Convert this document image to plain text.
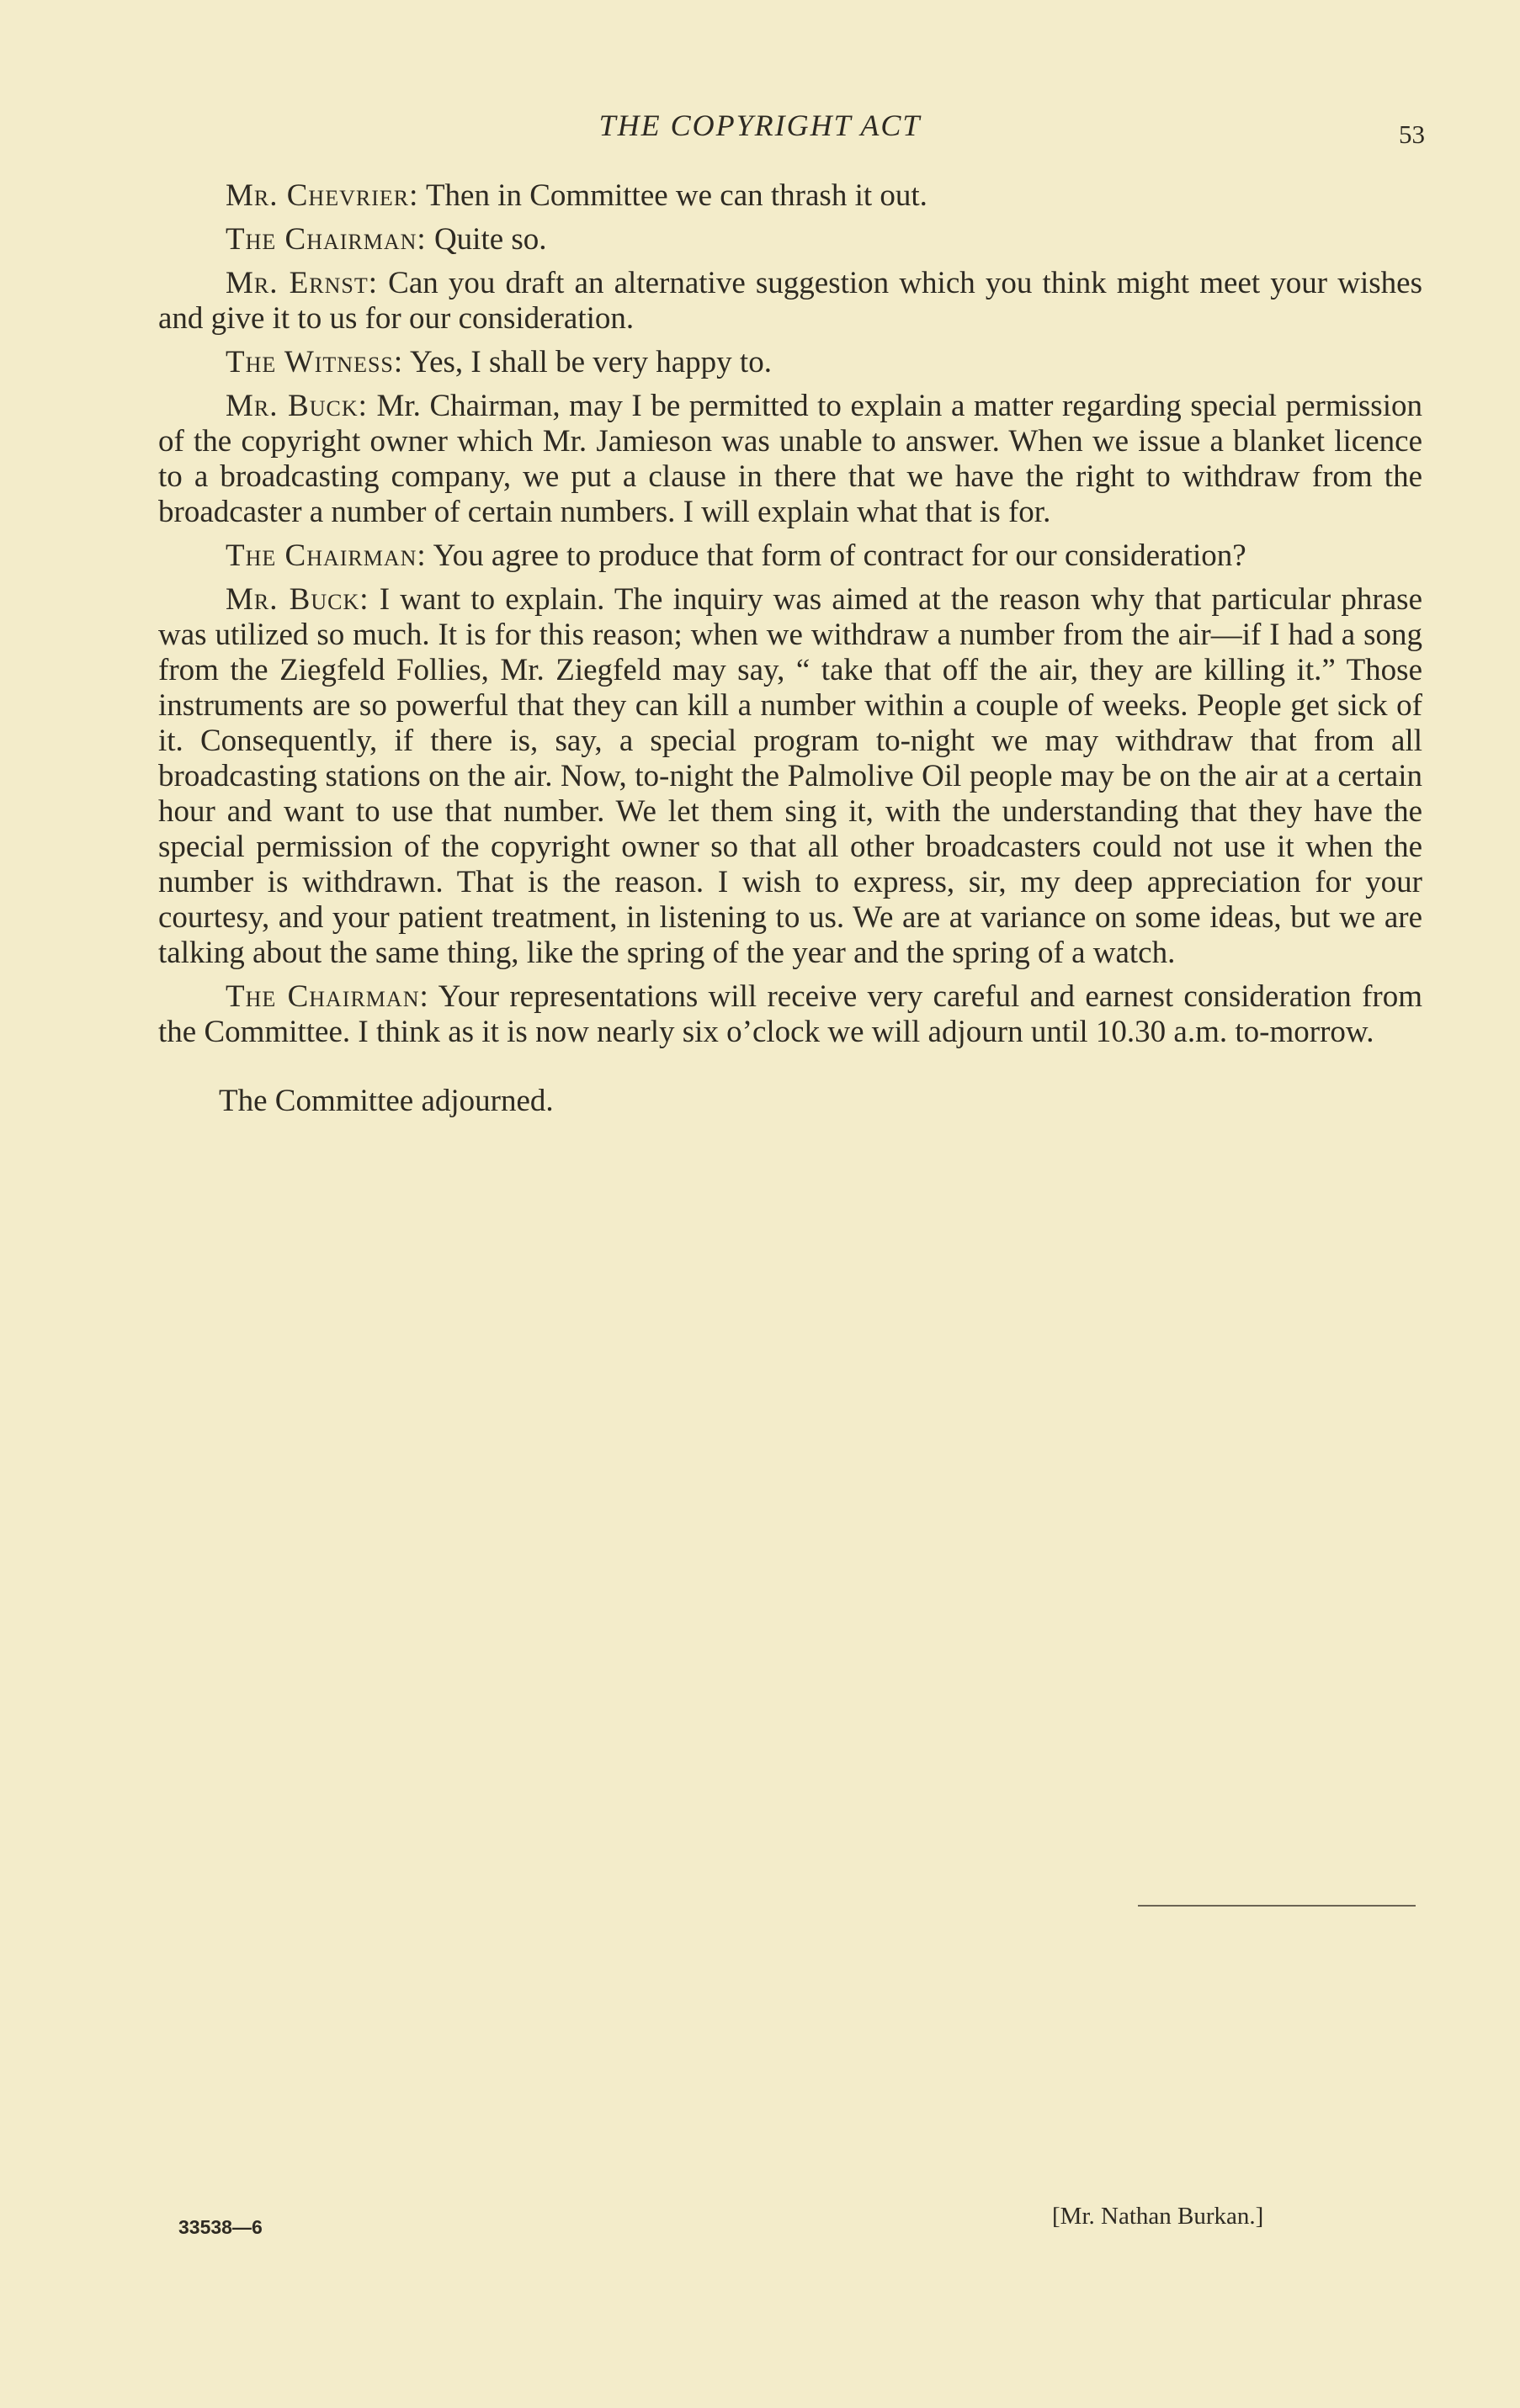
THE COPYRIGHT ACT	53

Mr. Chevrier: Then in Committee we can thrash it out.

The Chairman: Quite so.

Mr. Ernst: Can you draft an alternative suggestion which you think might meet your wishes and give it to us for our consideration.

The Witness: Yes, I shall be very happy to.

Mr. Buck: Mr. Chairman, may I be permitted to explain a matter regarding special permission of the copyright owner which Mr. Jamieson was unable to answer. When we issue a blanket licence to a broadcasting company, we put a clause in there that we have the right to withdraw from the broadcaster a number of certain numbers. I will explain what that is for.

The Chairman: You agree to produce that form of contract for our consideration?

Mr. Buck: I want to explain. The inquiry was aimed at the reason why that particular phrase was utilized so much. It is for this reason; when we withdraw a number from the air—if I had a song from the Ziegfeld Follies, Mr. Ziegfeld may say, “ take that off the air, they are killing it.” Those instruments are so powerful that they can kill a number within a couple of weeks. People get sick of it. Consequently, if there is, say, a special program to-night we may withdraw that from all broadcasting stations on the air. Now, to-night the Palmolive Oil people may be on the air at a certain hour and want to use that number. We let them sing it, with the understanding that they have the special permission of the copyright owner so that all other broadcasters could not use it when the number is withdrawn. That is the reason. I wish to express, sir, my deep appreciation for your courtesy, and your patient treatment, in listening to us. We are at variance on some ideas, but we are talking about the same thing, like the spring of the year and the spring of a watch.

The Chairman: Your representations will receive very careful and earnest consideration from the Committee. I think as it is now nearly six o’clock we will adjourn until 10.30 a.m. to-morrow.

The Committee adjourned.

33538—6	[Mr. Nathan Burkan.]
